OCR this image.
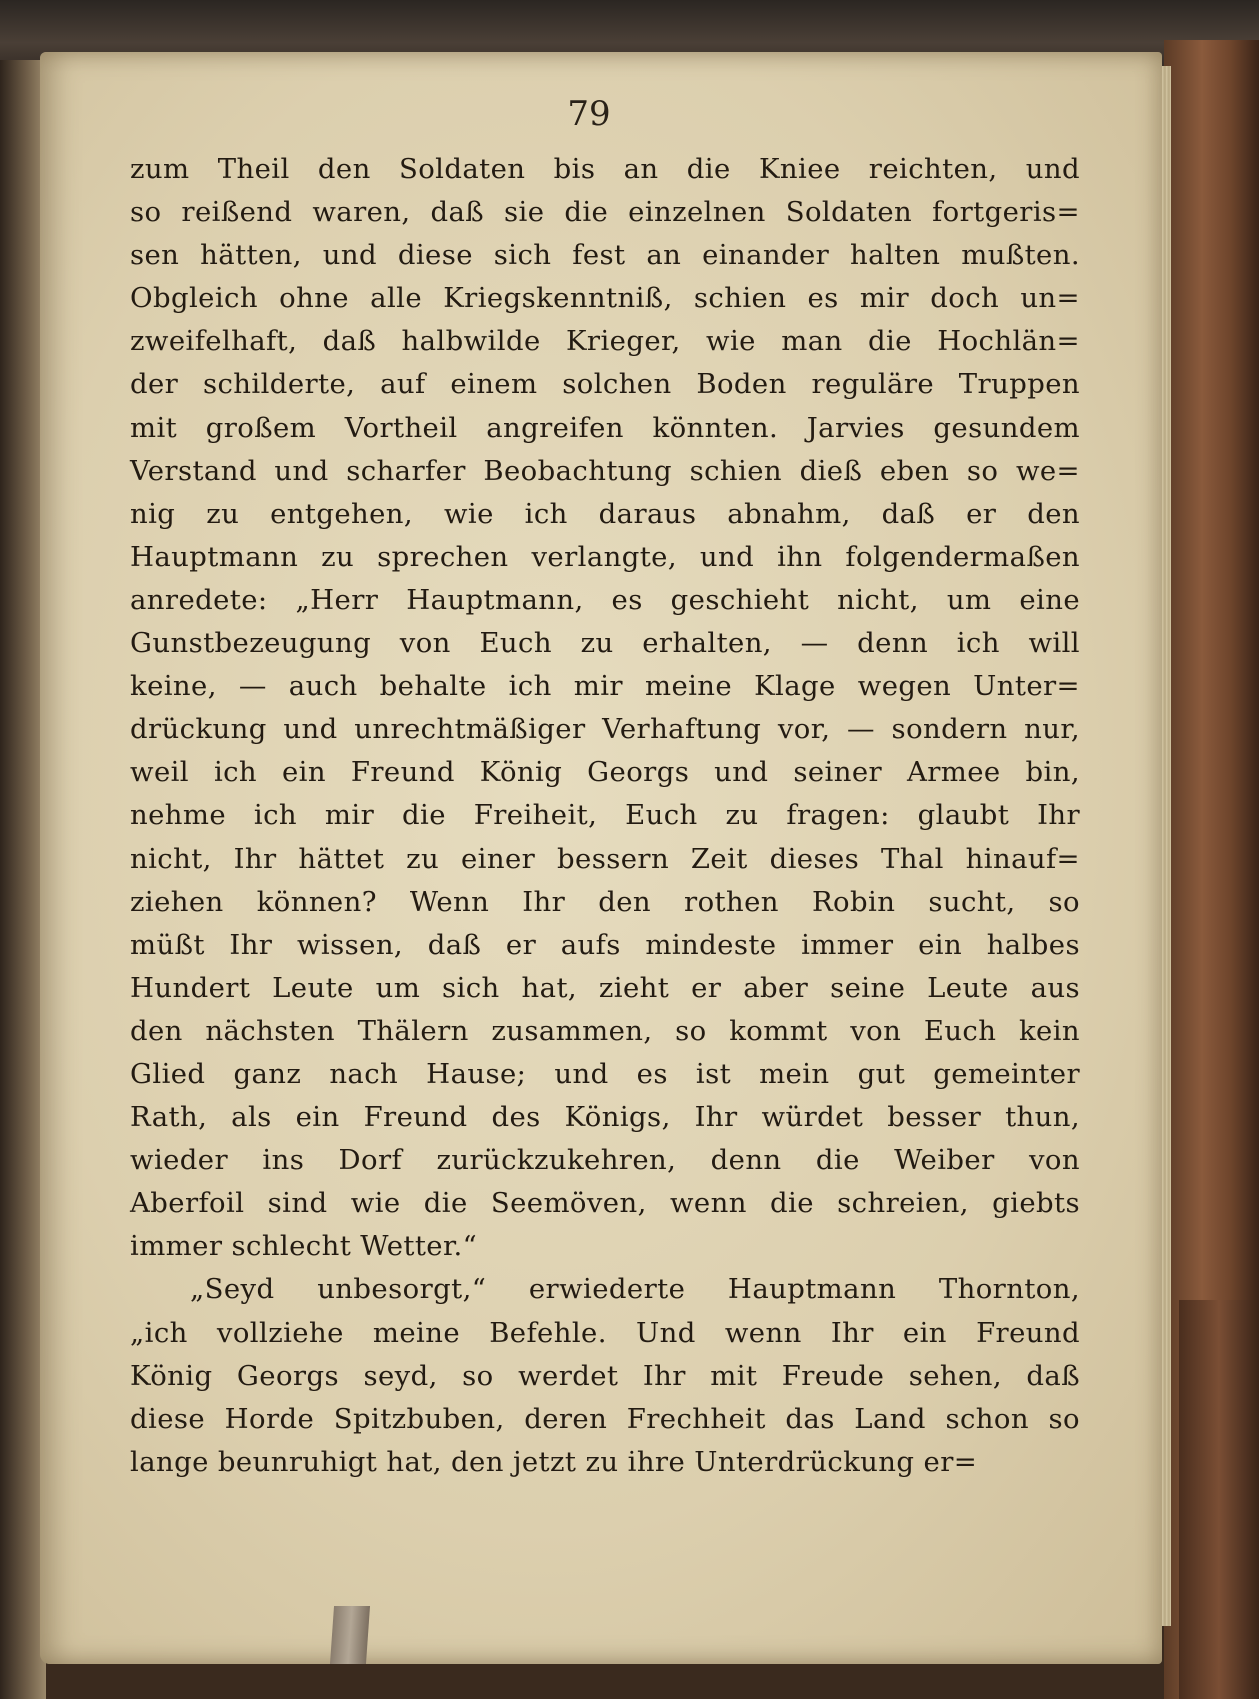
79
zum Theil den Soldaten bis an die Kniee reichten, und
so reißend waren, daß sie die einzelnen Soldaten fortgeris=
sen hätten, und diese sich fest an einander halten mußten.
Obgleich ohne alle Kriegskenntniß, schien es mir doch un=
zweifelhaft, daß halbwilde Krieger, wie man die Hochlän=
der schilderte, auf einem solchen Boden reguläre Truppen
mit großem Vortheil angreifen könnten. Jarvies gesundem
Verstand und scharfer Beobachtung schien dieß eben so we=
nig zu entgehen, wie ich daraus abnahm, daß er den
Hauptmann zu sprechen verlangte, und ihn folgendermaßen
anredete: „Herr Hauptmann, es geschieht nicht, um eine
Gunstbezeugung von Euch zu erhalten, — denn ich will
keine, — auch behalte ich mir meine Klage wegen Unter=
drückung und unrechtmäßiger Verhaftung vor, — sondern nur,
weil ich ein Freund König Georgs und seiner Armee bin,
nehme ich mir die Freiheit, Euch zu fragen: glaubt Ihr
nicht, Ihr hättet zu einer bessern Zeit dieses Thal hinauf=
ziehen können? Wenn Ihr den rothen Robin sucht, so
müßt Ihr wissen, daß er aufs mindeste immer ein halbes
Hundert Leute um sich hat, zieht er aber seine Leute aus
den nächsten Thälern zusammen, so kommt von Euch kein
Glied ganz nach Hause; und es ist mein gut gemeinter
Rath, als ein Freund des Königs, Ihr würdet besser thun,
wieder ins Dorf zurückzukehren, denn die Weiber von
Aberfoil sind wie die Seemöven, wenn die schreien, giebts
immer schlecht Wetter.“
„Seyd unbesorgt,“ erwiederte Hauptmann Thornton,
„ich vollziehe meine Befehle. Und wenn Ihr ein Freund
König Georgs seyd, so werdet Ihr mit Freude sehen, daß
diese Horde Spitzbuben, deren Frechheit das Land schon so
lange beunruhigt hat, den jetzt zu ihre Unterdrückung er=
